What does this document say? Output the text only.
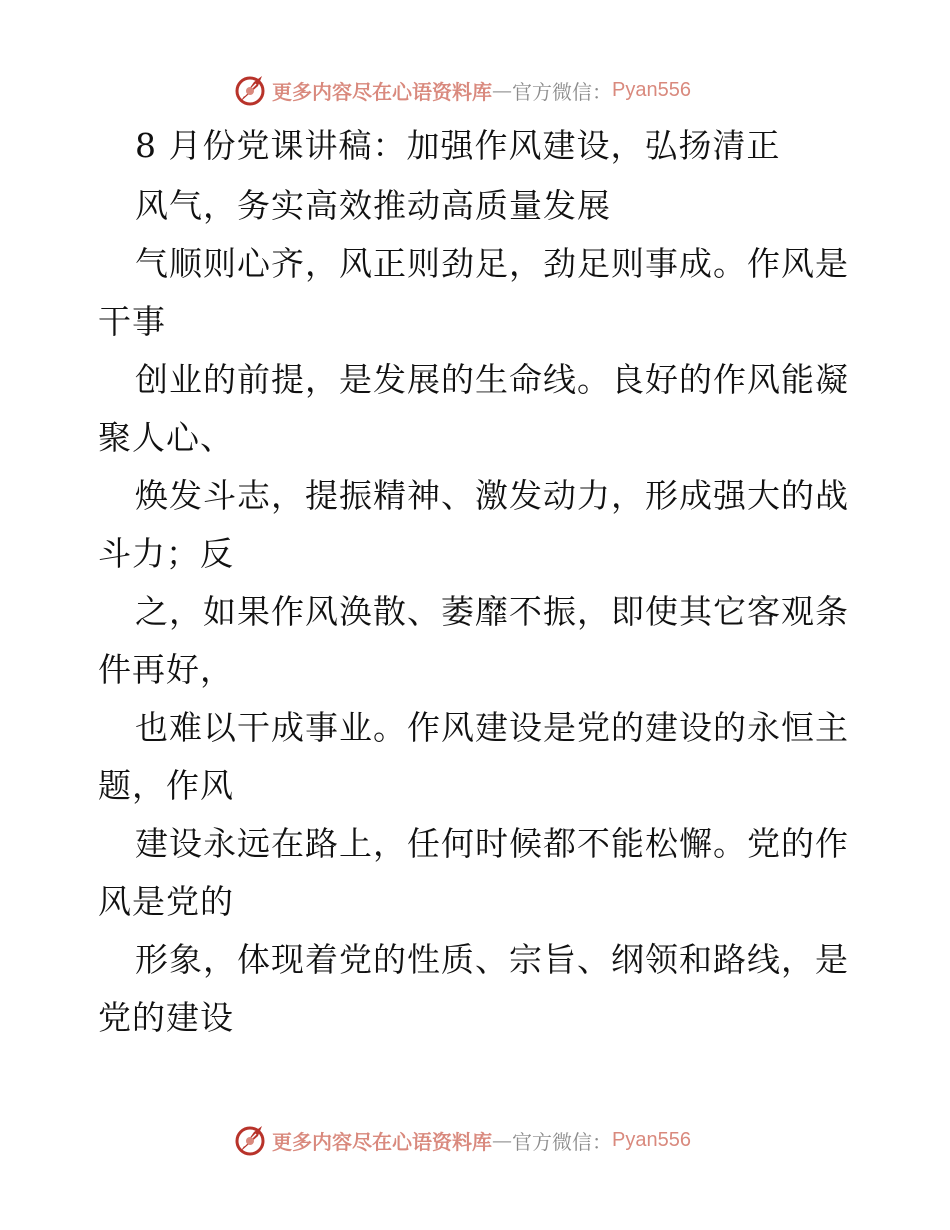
更多内容尽在心语资料库 — 官方微信： Pyan556
8 月份党课讲稿：加强作风建设，弘扬清正
风气，务实高效推动高质量发展
气顺则心齐，风正则劲足，劲足则事成。作风是
干事
创业的前提，是发展的生命线。良好的作风能凝
聚人心、
焕发斗志，提振精神、激发动力，形成强大的战
斗力；反
之，如果作风涣散、萎靡不振，即使其它客观条
件再好，
也难以干成事业。作风建设是党的建设的永恒主
题，作风
建设永远在路上，任何时候都不能松懈。党的作
风是党的
形象，体现着党的性质、宗旨、纲领和路线，是
党的建设
更多内容尽在心语资料库 — 官方微信： Pyan556
